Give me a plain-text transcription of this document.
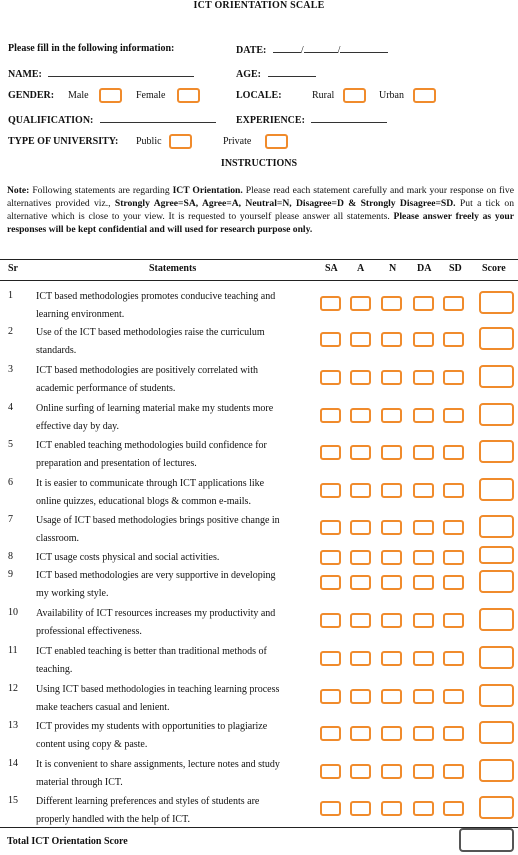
ICT ORIENTATION SCALE
Please fill in the following information:	DATE:	/	/
NAME:	AGE:
GENDER: Male	Female	LOCALE:	Rural	Urban
QUALIFICATION:	EXPERIENCE:
TYPE OF UNIVERSITY: Public	Private
INSTRUCTIONS
Note: Following statements are regarding ICT Orientation. Please read each statement carefully and mark your response on five alternatives provided viz., Strongly Agree=SA, Agree=A, Neutral=N, Disagree=D & Strongly Disagree=SD. Put a tick on alternative which is close to your view. It is requested to yourself please answer all statements. Please answer freely as your responses will be kept confidential and will used for research purpose only.
Sr	Statements	SA A N DA SD Score
1 ICT based methodologies promotes conducive teaching and
learning environment.
2 Use of the ICT based methodologies raise the curriculum
standards.
3 ICT based methodologies are positively correlated with
academic performance of students.
4 Online surfing of learning material make my students more
effective day by day.
5 ICT enabled teaching methodologies build confidence for
preparation and presentation of lectures.
6 It is easier to communicate through ICT applications like
online quizzes, educational blogs & common e-mails.
7 Usage of ICT based methodologies brings positive change in
classroom.
8 ICT usage costs physical and social activities.
9 ICT based methodologies are very supportive in developing
my working style.
10 Availability of ICT resources increases my productivity and
professional effectiveness.
11 ICT enabled teaching is better than traditional methods of
teaching.
12 Using ICT based methodologies in teaching learning process
make teachers casual and lenient.
13 ICT provides my students with opportunities to plagiarize
content using copy & paste.
14 It is convenient to share assignments, lecture notes and study
material through ICT.
15 Different learning preferences and styles of students are
properly handled with the help of ICT.
Total ICT Orientation Score
